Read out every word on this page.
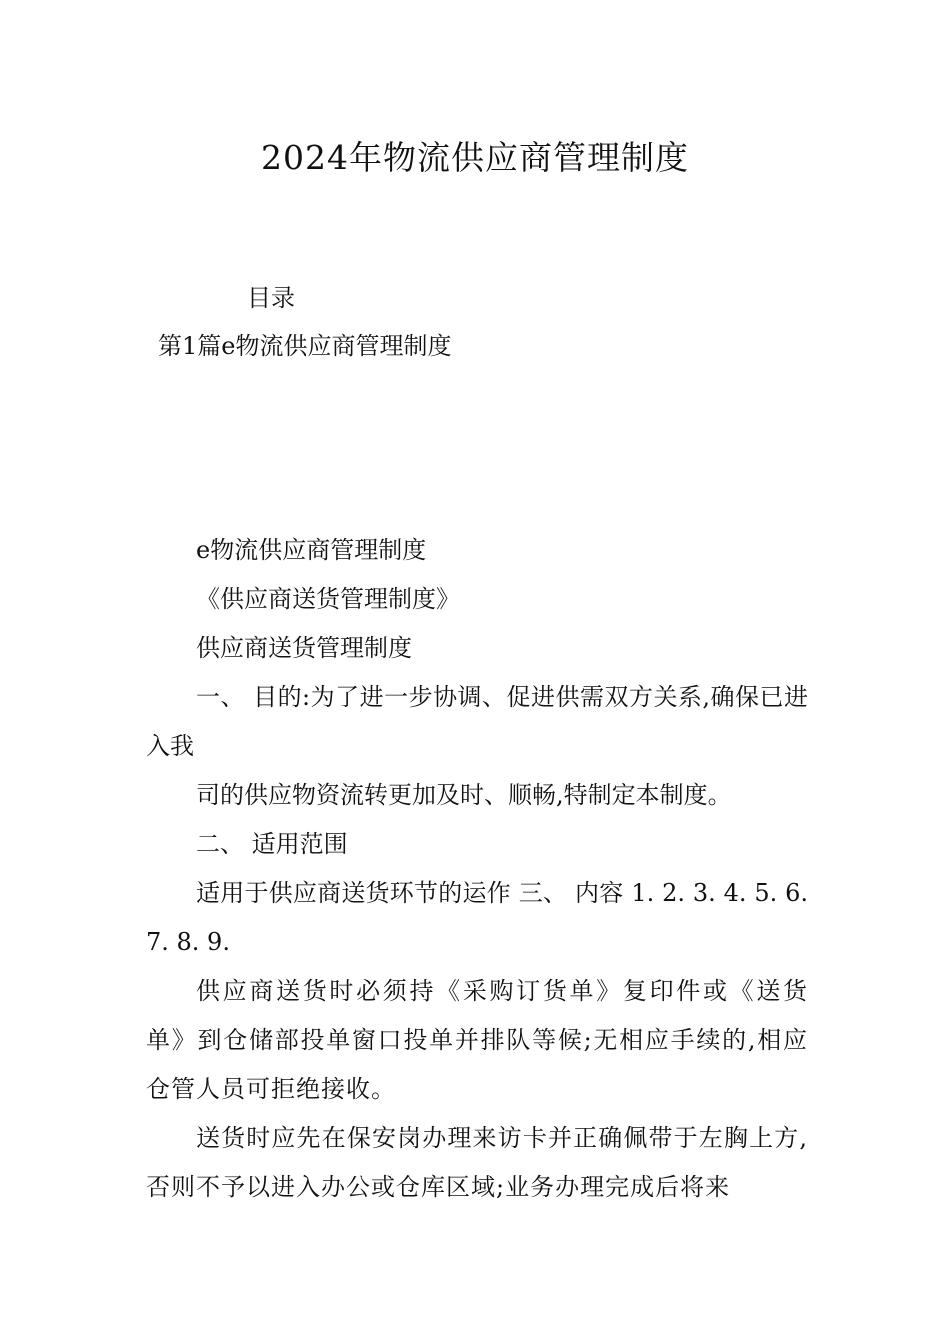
2024年物流供应商管理制度
目录
第1篇e物流供应商管理制度

e物流供应商管理制度

《供应商送货管理制度》

供应商送货管理制度

一、 目的:为了进一步协调、促进供需双方关系,确保已进入我

司的供应物资流转更加及时、顺畅,特制定本制度。

二、 适用范围

适用于供应商送货环节的运作 三、 内容 1. 2. 3. 4. 5. 6. 7. 8. 9.

供应商送货时必须持《采购订货单》复印件或《送货单》到仓储部投单窗口投单并排队等候;无相应手续的,相应仓管人员可拒绝接收。

送货时应先在保安岗办理来访卡并正确佩带于左胸上方,否则不予以进入办公或仓库区域;业务办理完成后将来
